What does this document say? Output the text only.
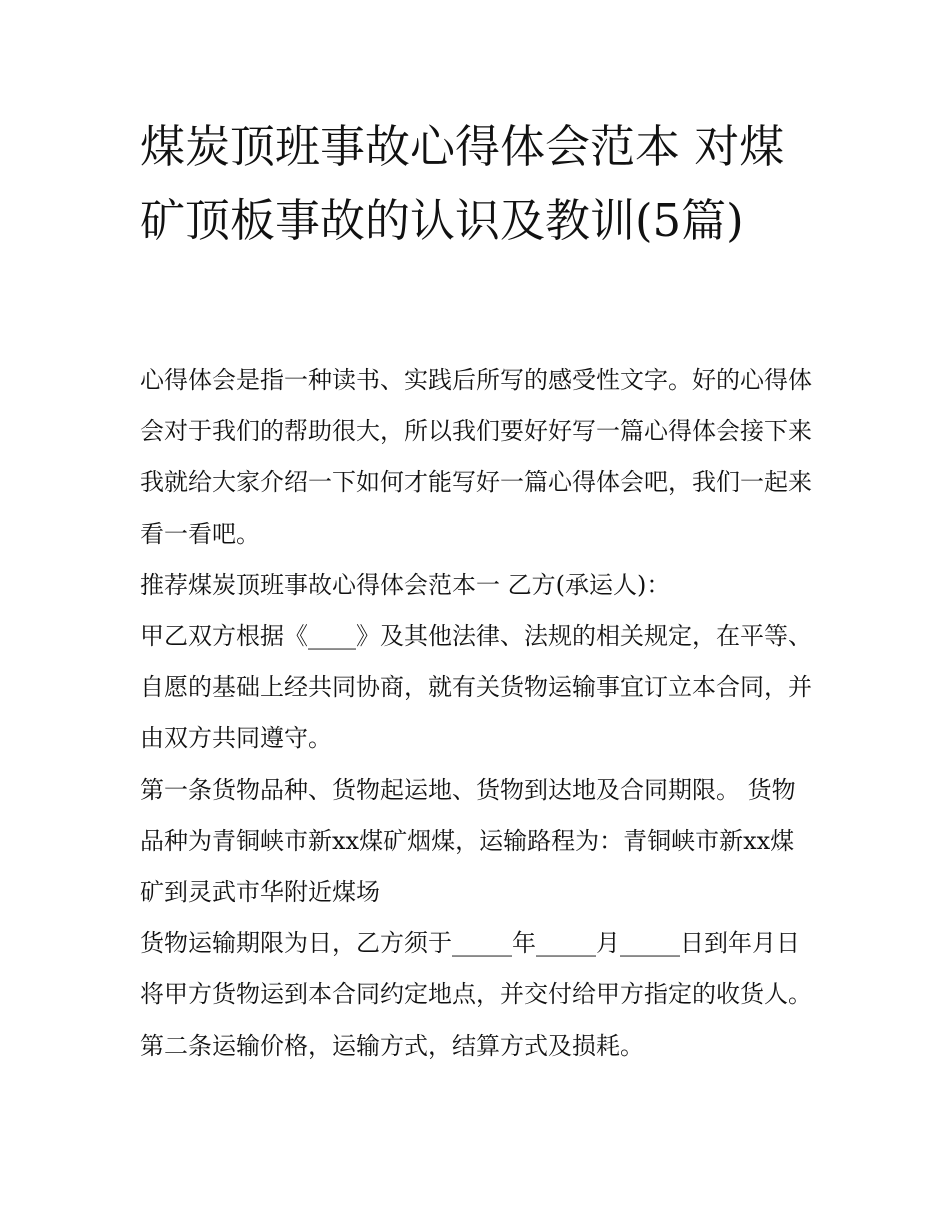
煤炭顶班事故心得体会范本 对煤矿顶板事故的认识及教训(5篇)

心得体会是指一种读书、实践后所写的感受性文字。好的心得体会对于我们的帮助很大，所以我们要好好写一篇心得体会接下来我就给大家介绍一下如何才能写好一篇心得体会吧，我们一起来看一看吧。

推荐煤炭顶班事故心得体会范本一 乙方(承运人)：

甲乙双方根据《____》及其他法律、法规的相关规定，在平等、自愿的基础上经共同协商，就有关货物运输事宜订立本合同，并由双方共同遵守。

第一条货物品种、货物起运地、货物到达地及合同期限。 货物品种为青铜峡市新xx煤矿烟煤，运输路程为：青铜峡市新xx煤矿到灵武市华附近煤场

货物运输期限为日，乙方须于_____年_____月_____日到年月日将甲方货物运到本合同约定地点，并交付给甲方指定的收货人。

第二条运输价格，运输方式，结算方式及损耗。
